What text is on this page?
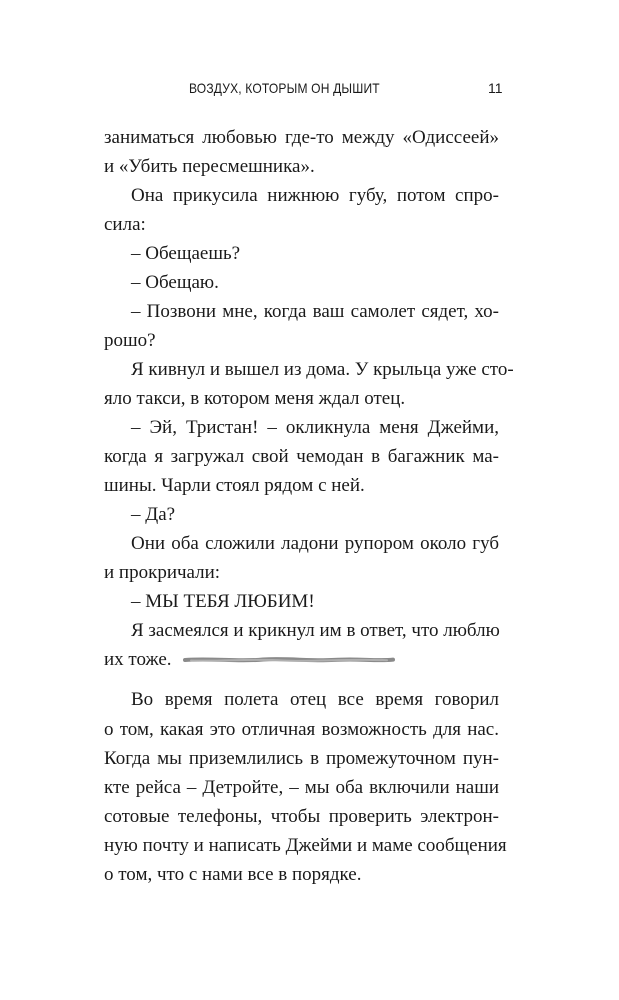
ВОЗДУХ, КОТОРЫМ ОН ДЫШИТ	11
заниматься любовью где-то между «Одиссеей»
и «Убить пересмешника».
Она прикусила нижнюю губу, потом спро-
сила:
– Обещаешь?
– Обещаю.
– Позвони мне, когда ваш самолет сядет, хо-
рошо?
Я кивнул и вышел из дома. У крыльца уже сто-
яло такси, в котором меня ждал отец.
– Эй, Тристан! – окликнула меня Джейми,
когда я загружал свой чемодан в багажник ма-
шины. Чарли стоял рядом с ней.
– Да?
Они оба сложили ладони рупором около губ
и прокричали:
– МЫ ТЕБЯ ЛЮБИМ!
Я засмеялся и крикнул им в ответ, что люблю
их тоже.
Во время полета отец все время говорил
о том, какая это отличная возможность для нас.
Когда мы приземлились в промежуточном пун-
кте рейса – Детройте, – мы оба включили наши
сотовые телефоны, чтобы проверить электрон-
ную почту и написать Джейми и маме сообщения
о том, что с нами все в порядке.
